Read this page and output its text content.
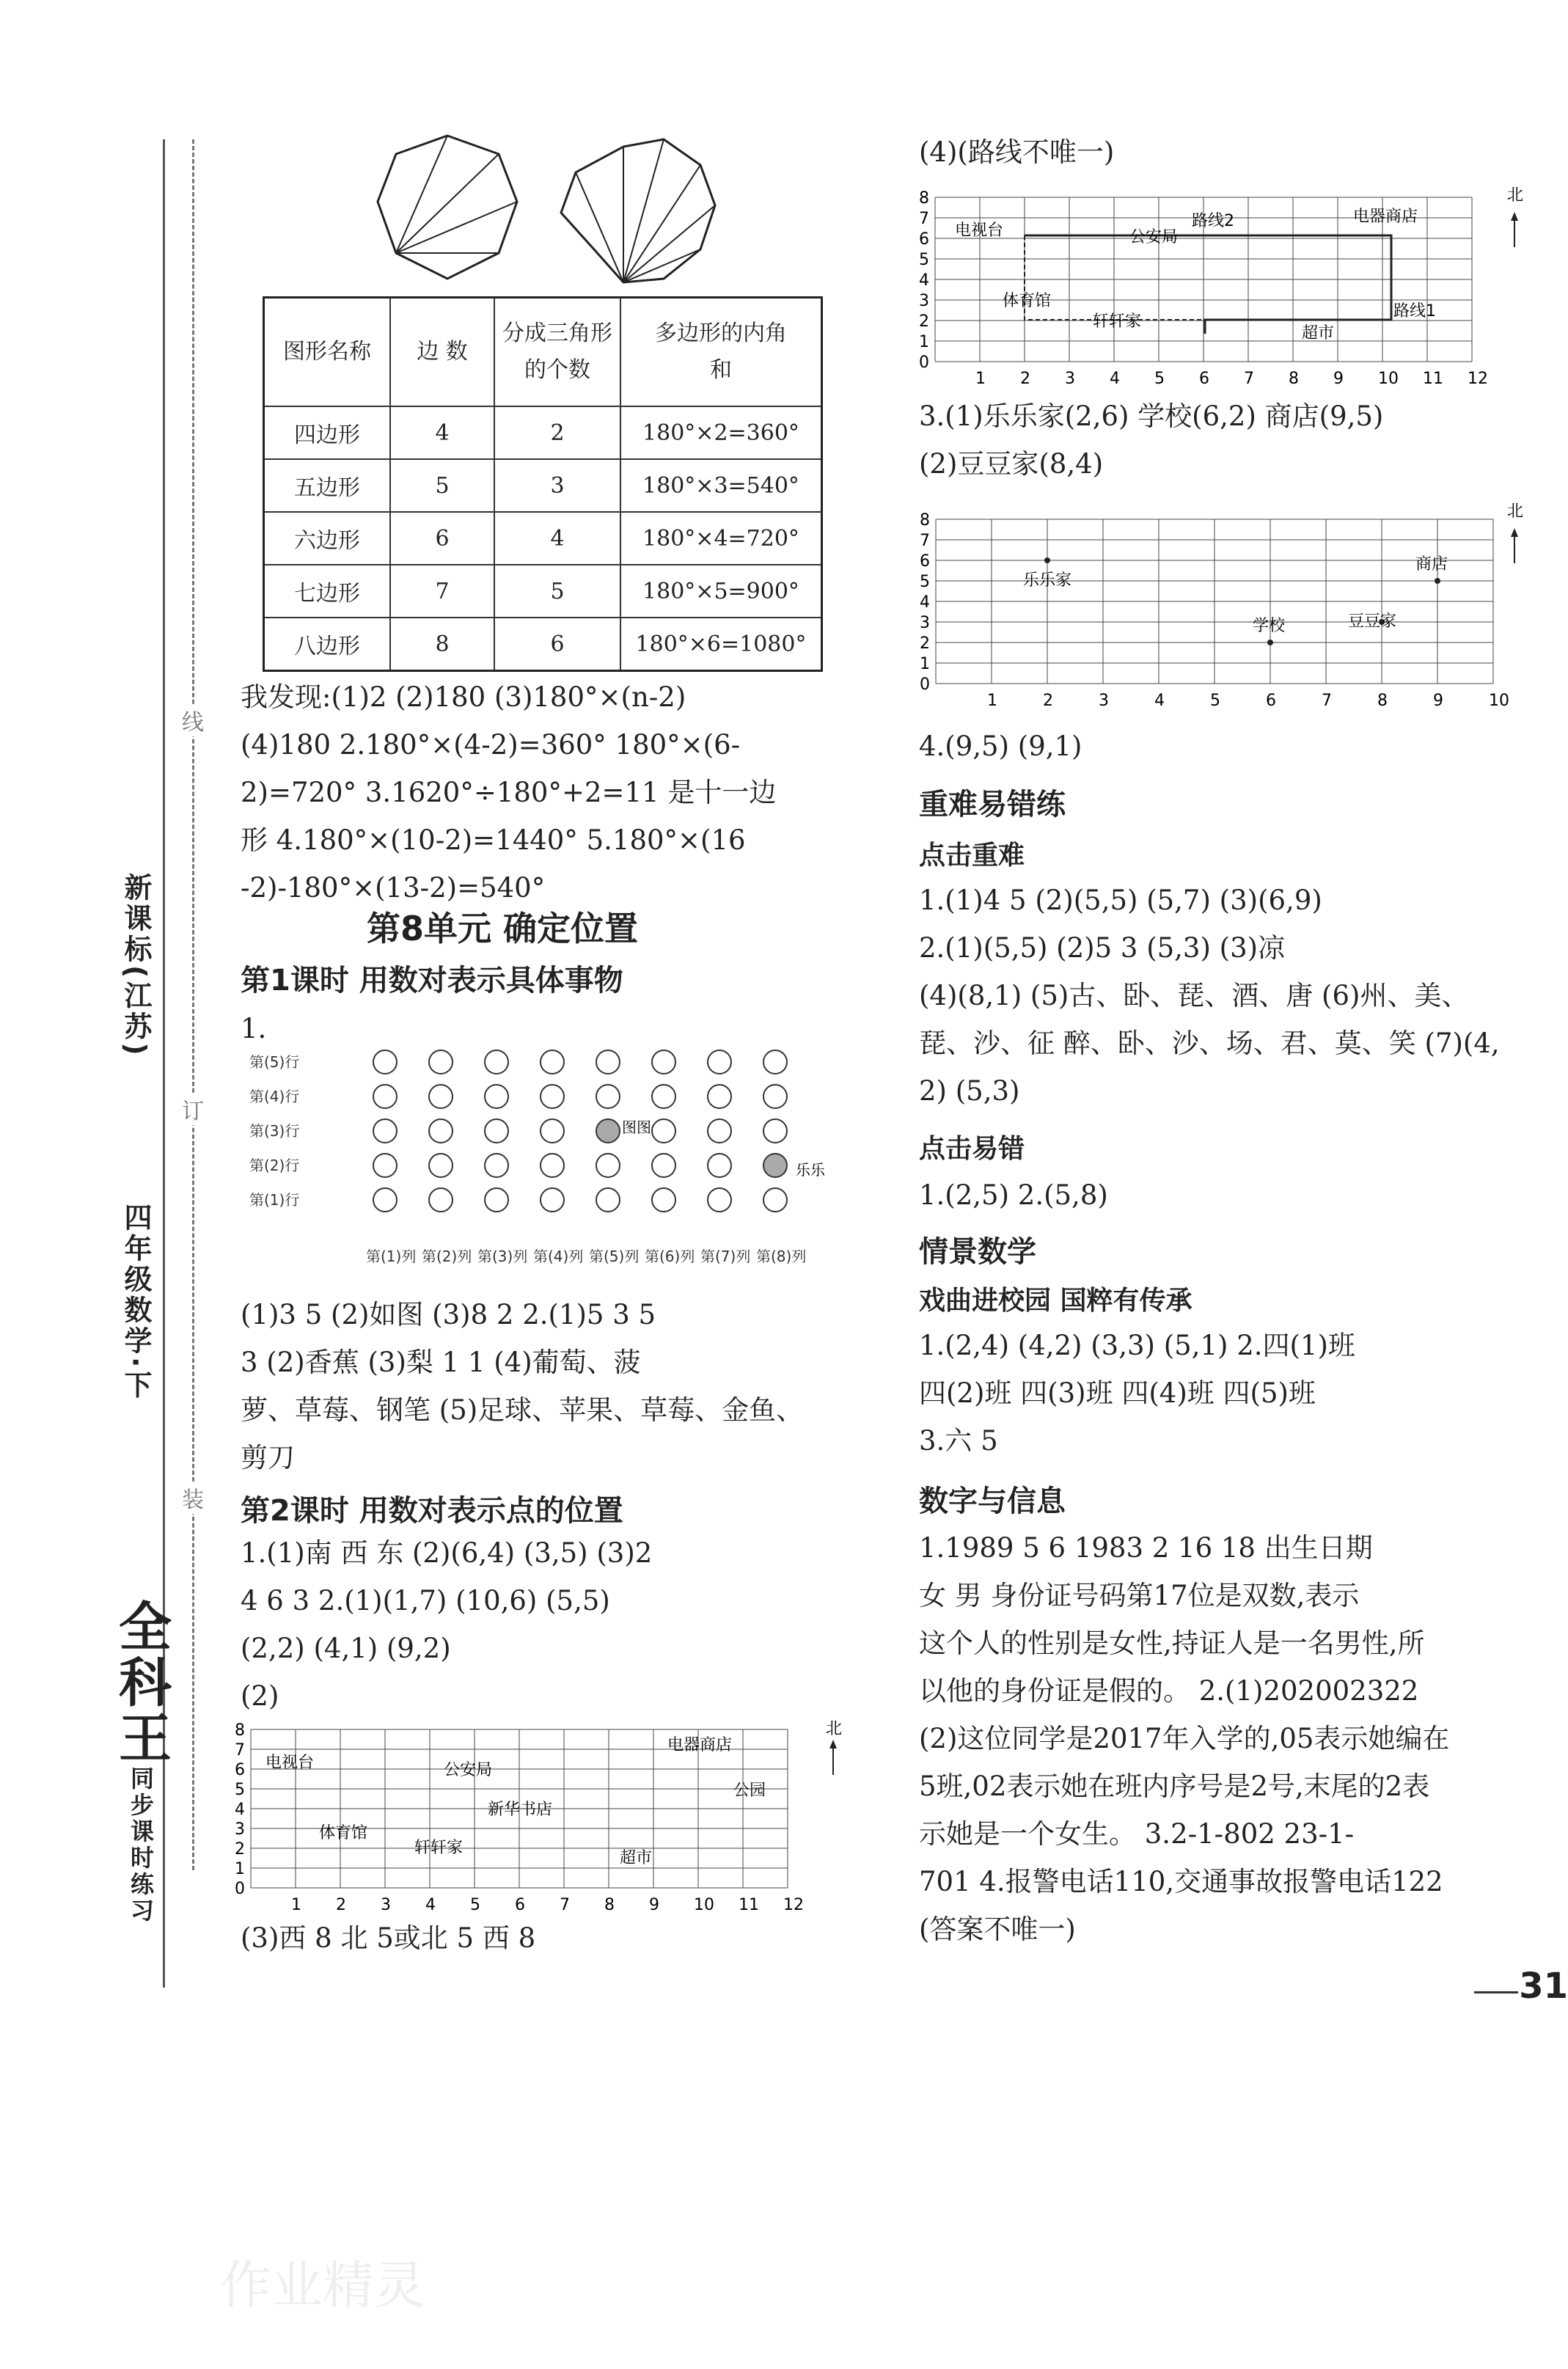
线
订
装
新课标(江苏)
四年级数学·下
全科王同步课时练习
图形名称	边 数	分成三角形的个数	多边形的内角和
四边形	4	2	180°×2=360°
五边形	5	3	180°×3=540°
六边形	6	4	180°×4=720°
七边形	7	5	180°×5=900°
八边形	8	6	180°×6=1080°
我发现:(1)2 (2)180 (3)180°×(n-2)
(4)180 2.180°×(4-2)=360° 180°×(6-
2)=720° 3.1620°÷180°+2=11 是十一边
形 4.180°×(10-2)=1440° 5.180°×(16
-2)-180°×(13-2)=540°
第8单元 确定位置
第1课时 用数对表示具体事物
1.
第(5)行
第(4)行
第(3)行
第(2)行
第(1)行
第(1)列 第(2)列 第(3)列 第(4)列 第(5)列 第(6)列 第(7)列 第(8)列
图图
乐乐
(1)3 5 (2)如图 (3)8 2 2.(1)5 3 5
3 (2)香蕉 (3)梨 1 1 (4)葡萄、菠
萝、草莓、钢笔 (5)足球、苹果、草莓、金鱼、
剪刀
第2课时 用数对表示点的位置
1.(1)南 西 东 (2)(6,4) (3,5) (3)2
4 6 3 2.(1)(1,7) (10,6) (5,5)
(2,2) (4,1) (9,2)
(2)
1 2 3 4 5 6 7 8 9 10 11 12
0
1
2
3
4
5
6
7
8
电视台	公安局
电器商店
公园
新华书店
体育馆
轩轩家
超市
北
(3)西 8 北 5或北 5 西 8
(4)(路线不唯一)
1 2 3 4 5 6 7 8 9 10 11 12
0
1
2
3
4
5
6
7
8
电视台	公安局
路线2	电器商店
体育馆
轩轩家
超市
路线1
北
3.(1)乐乐家(2,6) 学校(6,2) 商店(9,5)
(2)豆豆家(8,4)
1	2	3	4	5	6	7	8	9	10
0
1
2
3
4
5
6
7
8
乐乐家
商店
学校	豆豆家
北
4.(9,5) (9,1)
重难易错练
点击重难
1.(1)4 5 (2)(5,5) (5,7) (3)(6,9)
2.(1)(5,5) (2)5 3 (5,3) (3)凉
(4)(8,1) (5)古、卧、琵、酒、唐 (6)州、美、
琵、沙、征 醉、卧、沙、场、君、莫、笑 (7)(4,
2) (5,3)
点击易错
1.(2,5) 2.(5,8)
情景数学
戏曲进校园 国粹有传承
1.(2,4) (4,2) (3,3) (5,1) 2.四(1)班
四(2)班 四(3)班 四(4)班 四(5)班
3.六 5
数字与信息
1.1989 5 6 1983 2 16 18 出生日期
女 男 身份证号码第17位是双数,表示
这个人的性别是女性,持证人是一名男性,所
以他的身份证是假的。 2.(1)202002322
(2)这位同学是2017年入学的,05表示她编在
5班,02表示她在班内序号是2号,末尾的2表
示她是一个女生。 3.2-1-802 23-1-
701 4.报警电话110,交通事故报警电话122
(答案不唯一)
31
作业精灵
